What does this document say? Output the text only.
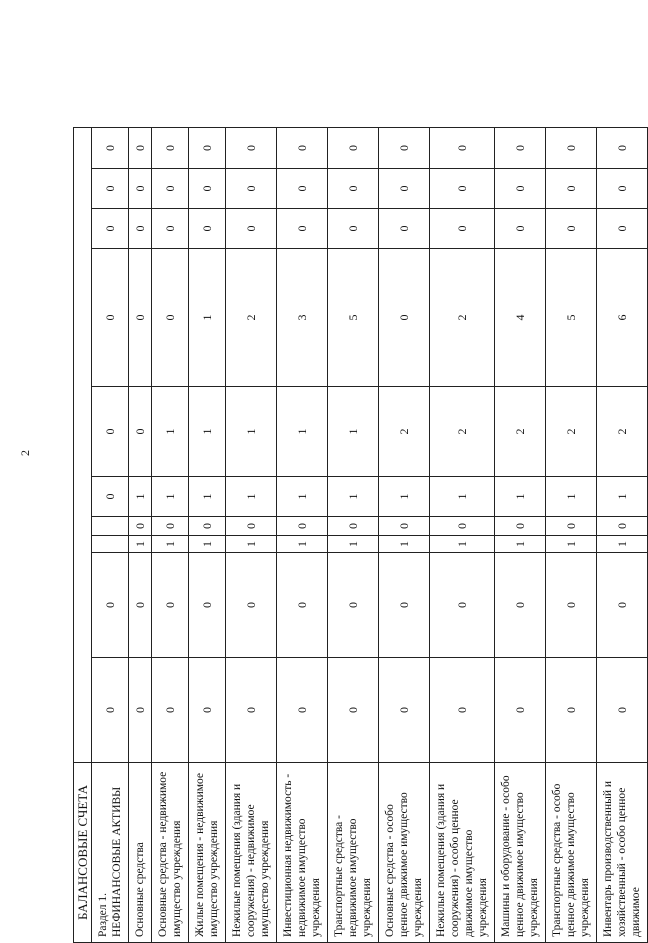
2
БАЛАНСОВЫЕ СЧЕТА										
Раздел 1.
НЕФИНАНСОВЫЕ АКТИВЫ	0	0			0	0	0	0	0	0
Основные средства	0	0	1	0	1	0	0	0	0	0
Основные средства - недвижимое имущество учреждения	0	0	1	0	1	1	0	0	0	0
Жилые помещения - недвижимое имущество учреждения	0	0	1	0	1	1	1	0	0	0
Нежилые помещения (здания и сооружения) - недвижимое имущество учреждения	0	0	1	0	1	1	2	0	0	0
Инвестиционная недвижимость - недвижимое имущество учреждения	0	0	1	0	1	1	3	0	0	0
Транспортные средства - недвижимое имущество учреждения	0	0	1	0	1	1	5	0	0	0
Основные средства - особо ценное движимое имущество учреждения	0	0	1	0	1	2	0	0	0	0
Нежилые помещения (здания и сооружения) - особо ценное движимое имущество учреждения	0	0	1	0	1	2	2	0	0	0
Машины и оборудование - особо ценное движимое имущество учреждения	0	0	1	0	1	2	4	0	0	0
Транспортные средства - особо ценное движимое имущество учреждения	0	0	1	0	1	2	5	0	0	0
Инвентарь производственный и хозяйственный - особо ценное движимое	0	0	1	0	1	2	6	0	0	0
